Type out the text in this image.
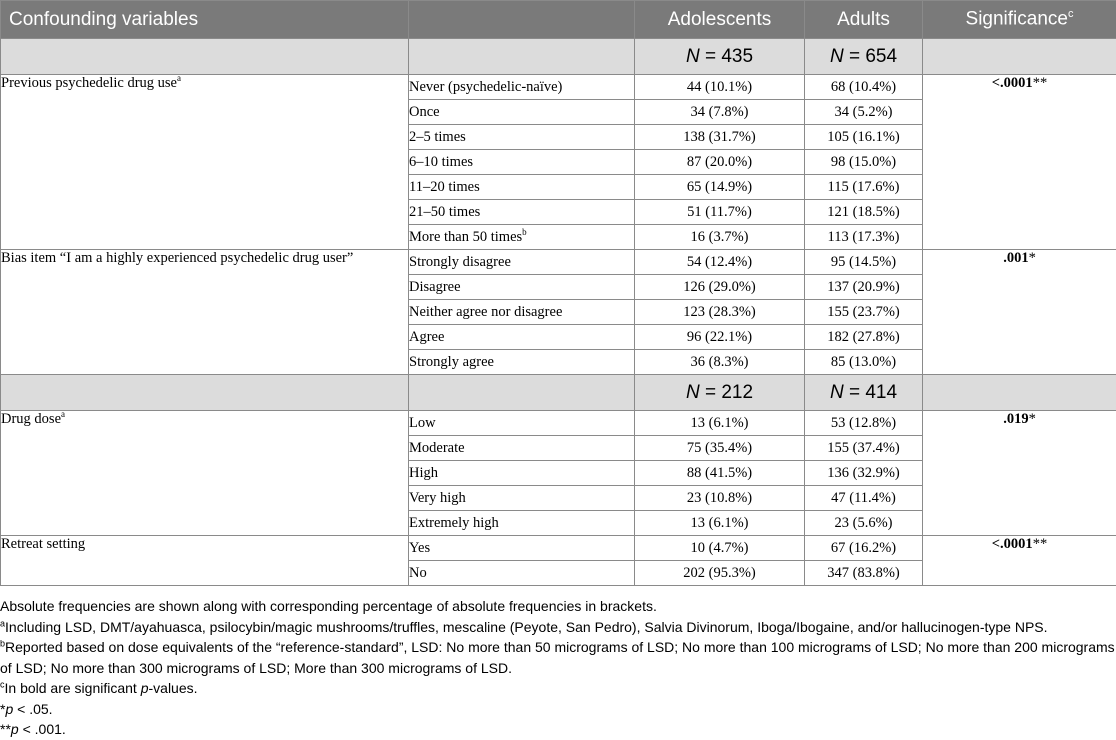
Confounding variables		Adolescents	Adults	Significance$^c$
		N = 435	N = 654	
Previous psychedelic drug use$^a$	Never (psychedelic-naïve)	44 (10.1%)	68 (10.4%)	<.0001**
	Once	34 (7.8%)	34 (5.2%)	
	2–5 times	138 (31.7%)	105 (16.1%)	
	6–10 times	87 (20.0%)	98 (15.0%)	
	11–20 times	65 (14.9%)	115 (17.6%)	
	21–50 times	51 (11.7%)	121 (18.5%)	
	More than 50 times$^b$	16 (3.7%)	113 (17.3%)	
Bias item “I am a highly experienced psychedelic drug user”	Strongly disagree	54 (12.4%)	95 (14.5%)	.001*
	Disagree	126 (29.0%)	137 (20.9%)	
	Neither agree nor disagree	123 (28.3%)	155 (23.7%)	
	Agree	96 (22.1%)	182 (27.8%)	
	Strongly agree	36 (8.3%)	85 (13.0%)	
		N = 212	N = 414	
Drug dose$^a$	Low	13 (6.1%)	53 (12.8%)	.019*
	Moderate	75 (35.4%)	155 (37.4%)	
	High	88 (41.5%)	136 (32.9%)	
	Very high	23 (10.8%)	47 (11.4%)	
	Extremely high	13 (6.1%)	23 (5.6%)	
Retreat setting	Yes	10 (4.7%)	67 (16.2%)	<.0001**
	No	202 (95.3%)	347 (83.8%)	
Absolute frequencies are shown along with corresponding percentage of absolute frequencies in brackets.
$^a$Including LSD, DMT/ayahuasca, psilocybin/magic mushrooms/truffles, mescaline (Peyote, San Pedro), Salvia Divinorum, Iboga/Ibogaine, and/or hallucinogen-type NPS.
$^b$Reported based on dose equivalents of the “reference-standard”, LSD: No more than 50 micrograms of LSD; No more than 100 micrograms of LSD; No more than 200 micrograms of LSD; No more than 300 micrograms of LSD; More than 300 micrograms of LSD.
$^c$In bold are significant p-values.
*p < .05.
**p < .001.
